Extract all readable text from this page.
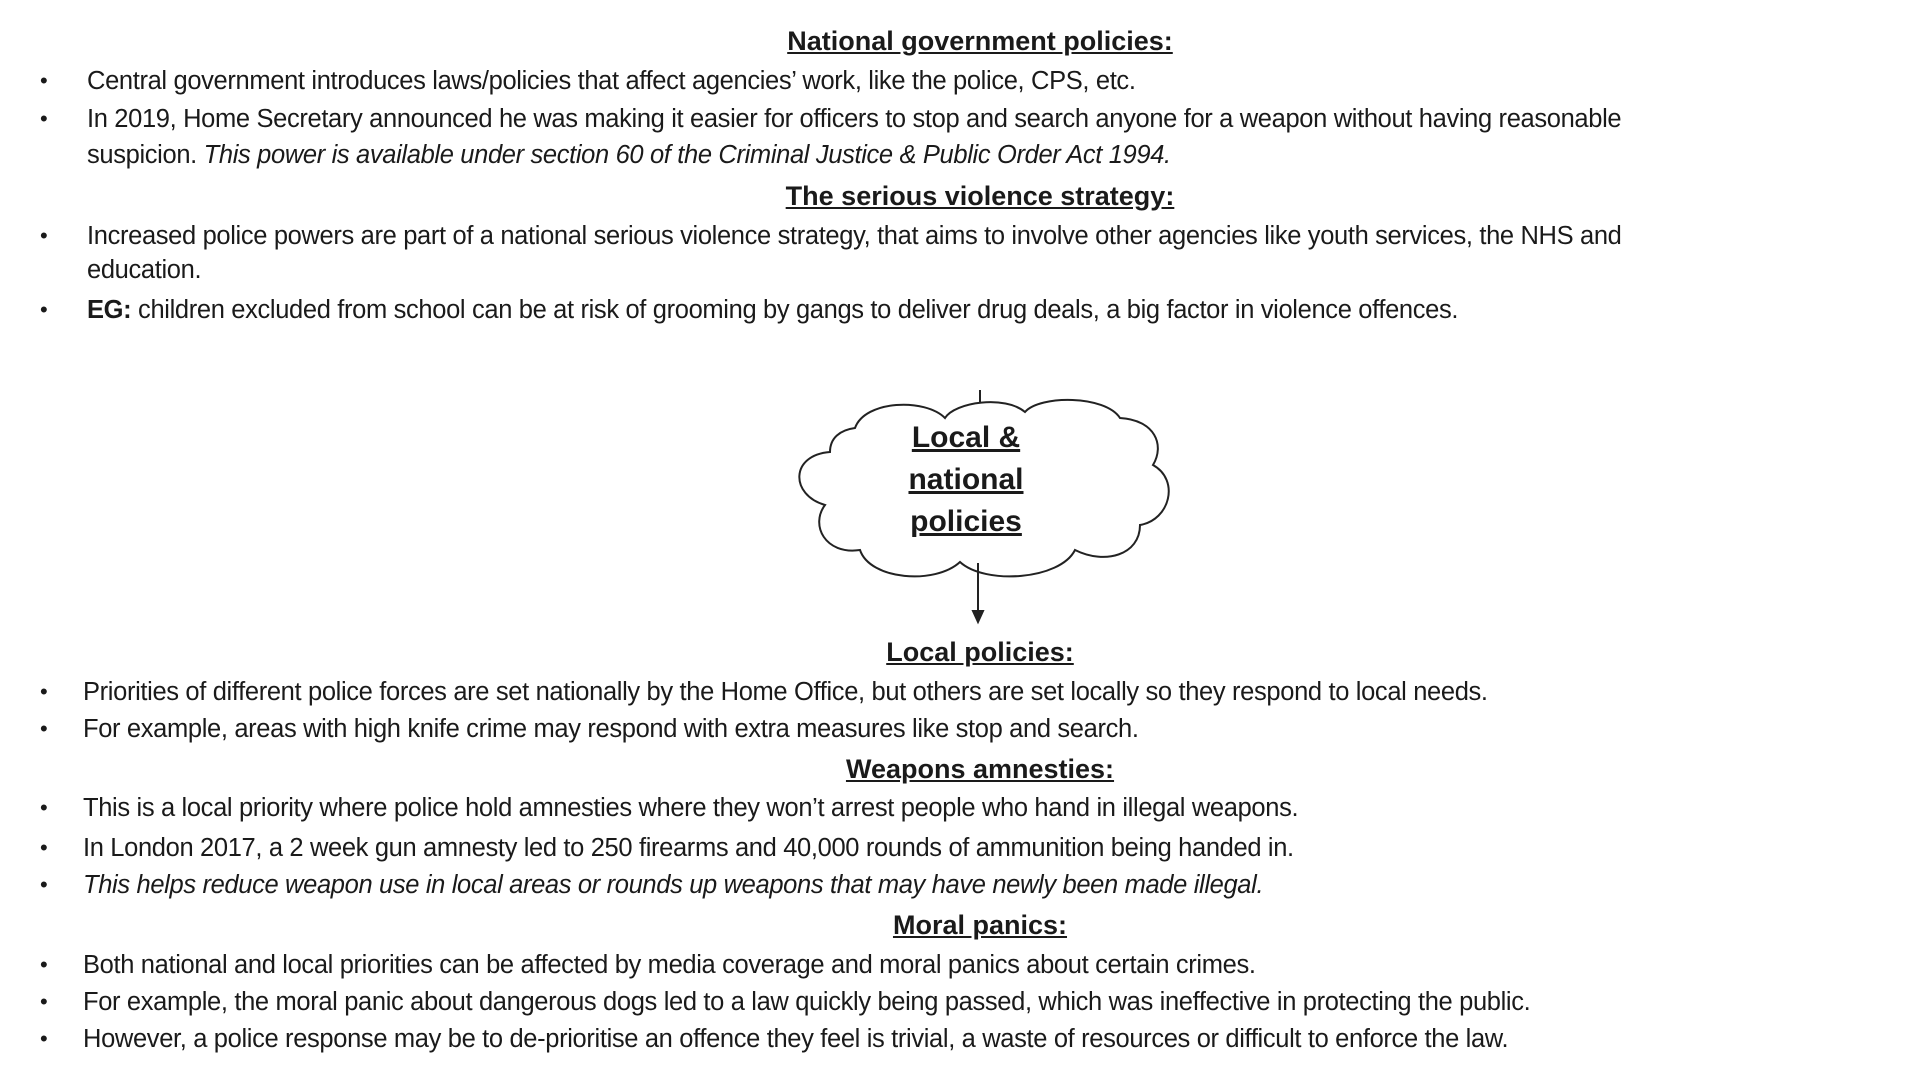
National government policies:
• Central government introduces laws/policies that affect agencies’ work, like the police, CPS, etc.
• In 2019, Home Secretary announced he was making it easier for officers to stop and search anyone for a weapon without having reasonable
suspicion. This power is available under section 60 of the Criminal Justice & Public Order Act 1994.
The serious violence strategy:
• Increased police powers are part of a national serious violence strategy, that aims to involve other agencies like youth services, the NHS and
education.
• EG: children excluded from school can be at risk of grooming by gangs to deliver drug deals, a big factor in violence offences.
Local &
national
policies
Local policies:
• Priorities of different police forces are set nationally by the Home Office, but others are set locally so they respond to local needs.
• For example, areas with high knife crime may respond with extra measures like stop and search.
Weapons amnesties:
• This is a local priority where police hold amnesties where they won’t arrest people who hand in illegal weapons.
• In London 2017, a 2 week gun amnesty led to 250 firearms and 40,000 rounds of ammunition being handed in.
• This helps reduce weapon use in local areas or rounds up weapons that may have newly been made illegal.
Moral panics:
• Both national and local priorities can be affected by media coverage and moral panics about certain crimes.
• For example, the moral panic about dangerous dogs led to a law quickly being passed, which was ineffective in protecting the public.
• However, a police response may be to de-prioritise an offence they feel is trivial, a waste of resources or difficult to enforce the law.
